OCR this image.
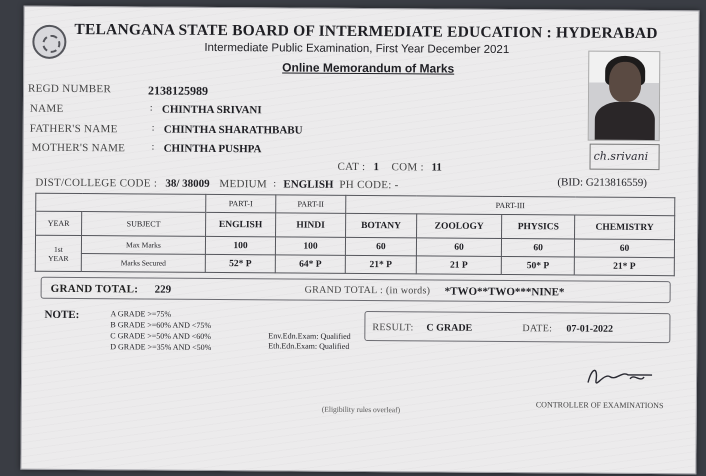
TELANGANA STATE BOARD OF INTERMEDIATE EDUCATION : HYDERABAD
Intermediate Public Examination, First Year December 2021
Online Memorandum of Marks
ch.srivani
REGD NUMBER	2138125989
NAME	: CHINTHA SRIVANI
FATHER'S NAME	: CHINTHA SHARATHBABU
MOTHER'S NAME	: CHINTHA PUSHPA
CAT : 1 COM : 11
DIST/COLLEGE CODE : 38/ 38009 MEDIUM : ENGLISH PH CODE: -	(BID: G213816559)
		PART-I	PART-II	PART-III			
YEAR	SUBJECT	ENGLISH	HINDI	BOTANY	ZOOLOGY	PHYSICS	CHEMISTRY

1st
YEAR	Max Marks	100	100	60	60	60	60
	Marks Secured	52* P	64* P	21* P	21 P	50* P	21* P
GRAND TOTAL: 229	GRAND TOTAL : (in words) *TWO**TWO***NINE*
NOTE:	A GRADE >=75%
B GRADE >=60% AND <75%
C GRADE >=50% AND <60%
D GRADE >=35% AND <50%
Env.Edn.Exam: Qualified
Eth.Edn.Exam: Qualified
RESULT: C GRADE	DATE: 07-01-2022
(Eligibility rules overleaf)	CONTROLLER OF EXAMINATIONS
